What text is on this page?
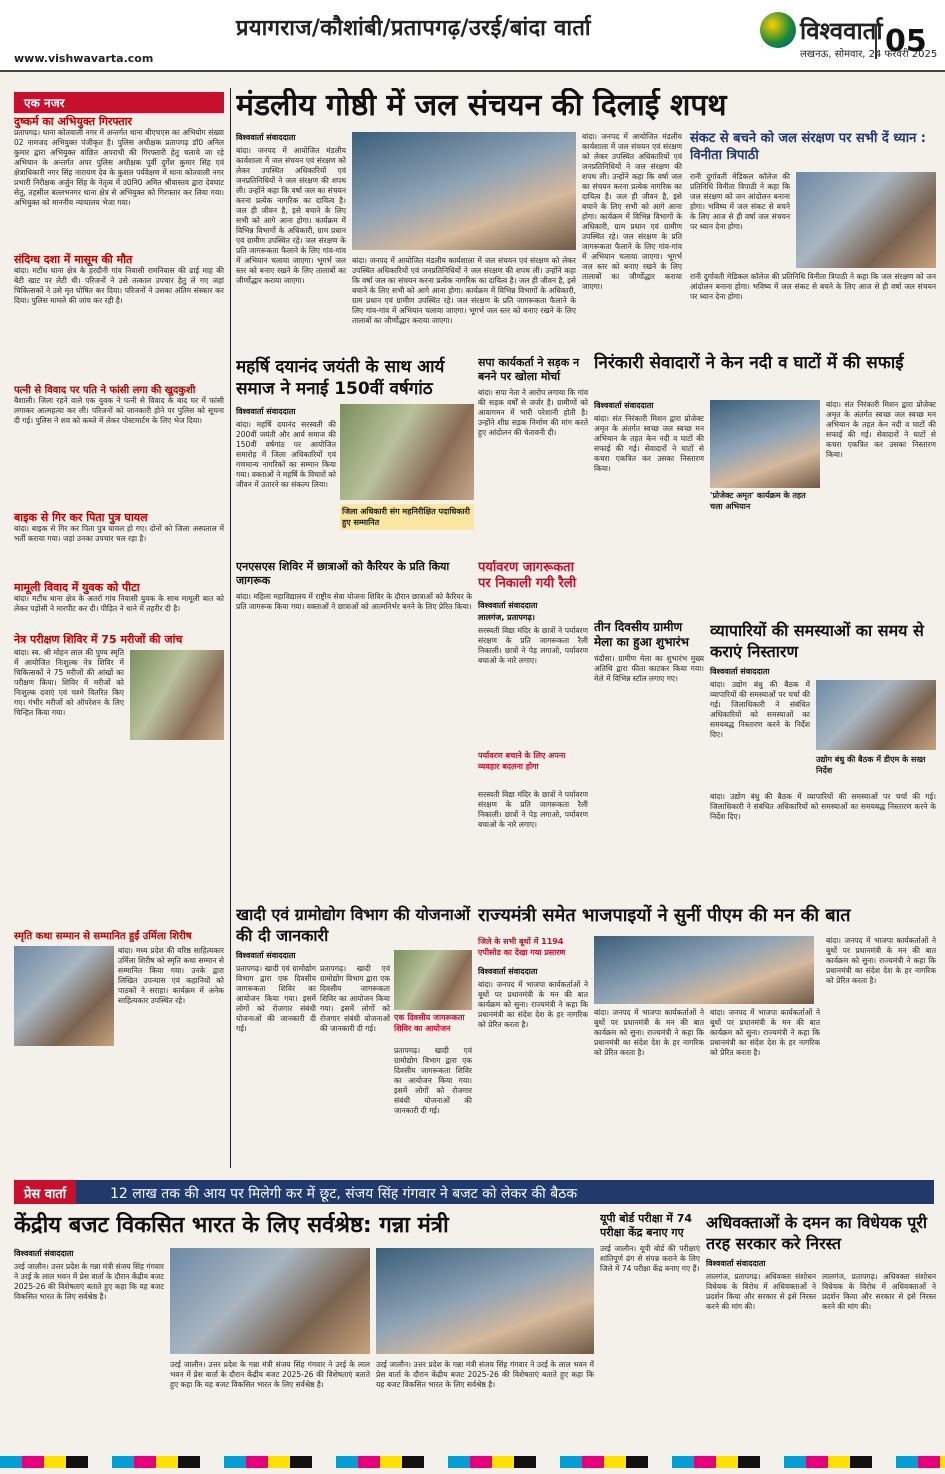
प्रयागराज/कौशांबी/प्रतापगढ़/उरई/बांदा वार्ता	विश्ववार्ता
लखनऊ, सोमवार, 24 फरवरी 2025
05
www.vishwavarta.com
एक नजर
दुष्कर्म का अभियुक्त गिरफ्तार
प्रतापगढ़। थाना कोतवाली नगर में अन्तर्गत थाना बीएचएस का अभियोग संख्या 02 नामजद अभियुक्त पंजीकृत है। पुलिस अधीक्षक प्रतापगढ़ डॉ0 अनिल कुमार द्वारा अभियुक्त वांछित अपराधी की गिरफ्तारी हेतु चलाये जा रहे अभियान के अन्तर्गत अपर पुलिस अधीक्षक पूर्वी दुर्गेश कुमार सिंह एवं क्षेत्राधिकारी नगर सिंह नारायण देव के कुशल पर्यवेक्षण में थाना कोतवाली नगर प्रभारी निरीक्षक अर्जुन सिंह के नेतृत्व में उ0नि0 अमित श्रीवास्तव द्वारा देवघाट सेतु, तहसील बल्लभनगर थाना क्षेत्र से अभियुक्त को गिरफ्तार कर लिया गया। अभियुक्त को माननीय न्यायालय भेजा गया।
संदिग्ध दशा में मासूम की मौत
बांदा। मटौंध थाना क्षेत्र के हरदौनी गांव निवासी रामनिवास की ढाई माह की बेटी खाट पर लेटी थी। परिजनों ने उसे तत्काल उपचार हेतु ले गए जहां चिकित्सकों ने उसे मृत घोषित कर दिया। परिजनों ने उसका अंतिम संस्कार कर दिया। पुलिस मामले की जांच कर रही है।
पत्नी से विवाद पर पति ने फांसी लगा की खुदकुशी
बैशाली। जिला रहने वाले एक युवक ने पत्नी से विवाद के बाद घर में फांसी लगाकर आत्महत्या कर ली। परिजनों को जानकारी होने पर पुलिस को सूचना दी गई। पुलिस ने शव को कब्जे में लेकर पोस्टमार्टम के लिए भेज दिया।
बाइक से गिर कर पिता पुत्र घायल
बांदा। बाइक से गिर कर पिता पुत्र घायल हो गए। दोनों को जिला अस्पताल में भर्ती कराया गया। जहां उनका उपचार चल रहा है।
मामूली विवाद में युवक को पीटा
बांदा। मटौंध थाना क्षेत्र के अतर्रा गांव निवासी युवक के साथ मामूली बात को लेकर पड़ोसी ने मारपीट कर दी। पीड़ित ने थाने में तहरीर दी है।
नेत्र परीक्षण शिविर में 75 मरीजों की जांच
बांदा। स्व. श्री मोहन लाल की पुण्य स्मृति में आयोजित निःशुल्क नेत्र शिविर में चिकित्सकों ने 75 मरीजों की आंखों का परीक्षण किया। शिविर में मरीजों को निःशुल्क दवाएं एवं चश्मे वितरित किए गए। गंभीर मरीजों को ऑपरेशन के लिए चिन्हित किया गया।
स्मृति कथा सम्मान से सम्मानित हुईं उर्मिला शिरीष
बांदा। मध्य प्रदेश की वरिष्ठ साहित्यकार उर्मिला शिरीष को स्मृति कथा सम्मान से सम्मानित किया गया। उनके द्वारा लिखित उपन्यास एवं कहानियों को पाठकों ने सराहा। कार्यक्रम में अनेक साहित्यकार उपस्थित रहे।
मंडलीय गोष्ठी में जल संचयन की दिलाई शपथ
विश्ववार्ता संवाददाता
बांदा। जनपद में आयोजित मंडलीय कार्यशाला में जल संचयन एवं संरक्षण को लेकर उपस्थित अधिकारियों एवं जनप्रतिनिधियों ने जल संरक्षण की शपथ ली। उन्होंने कहा कि वर्षा जल का संचयन करना प्रत्येक नागरिक का दायित्व है। जल ही जीवन है, इसे बचाने के लिए सभी को आगे आना होगा। कार्यक्रम में विभिन्न विभागों के अधिकारी, ग्राम प्रधान एवं ग्रामीण उपस्थित रहे। जल संरक्षण के प्रति जागरूकता फैलाने के लिए गांव-गांव में अभियान चलाया जाएगा। भूगर्भ जल स्तर को बनाए रखने के लिए तालाबों का जीर्णोद्धार कराया जाएगा।
बांदा। जनपद में आयोजित मंडलीय कार्यशाला में जल संचयन एवं संरक्षण को लेकर उपस्थित अधिकारियों एवं जनप्रतिनिधियों ने जल संरक्षण की शपथ ली। उन्होंने कहा कि वर्षा जल का संचयन करना प्रत्येक नागरिक का दायित्व है। जल ही जीवन है, इसे बचाने के लिए सभी को आगे आना होगा। कार्यक्रम में विभिन्न विभागों के अधिकारी, ग्राम प्रधान एवं ग्रामीण उपस्थित रहे। जल संरक्षण के प्रति जागरूकता फैलाने के लिए गांव-गांव में अभियान चलाया जाएगा। भूगर्भ जल स्तर को बनाए रखने के लिए तालाबों का जीर्णोद्धार कराया जाएगा।
बांदा। जनपद में आयोजित मंडलीय कार्यशाला में जल संचयन एवं संरक्षण को लेकर उपस्थित अधिकारियों एवं जनप्रतिनिधियों ने जल संरक्षण की शपथ ली। उन्होंने कहा कि वर्षा जल का संचयन करना प्रत्येक नागरिक का दायित्व है। जल ही जीवन है, इसे बचाने के लिए सभी को आगे आना होगा। कार्यक्रम में विभिन्न विभागों के अधिकारी, ग्राम प्रधान एवं ग्रामीण उपस्थित रहे। जल संरक्षण के प्रति जागरूकता फैलाने के लिए गांव-गांव में अभियान चलाया जाएगा। भूगर्भ जल स्तर को बनाए रखने के लिए तालाबों का जीर्णोद्धार कराया जाएगा।
संकट से बचने को जल संरक्षण पर सभी दें ध्यान : विनीता त्रिपाठी
रानी दुर्गावती मेडिकल कॉलेज की प्रतिनिधि विनीता त्रिपाठी ने कहा कि जल संरक्षण को जन आंदोलन बनाना होगा। भविष्य में जल संकट से बचने के लिए आज से ही वर्षा जल संचयन पर ध्यान देना होगा।
रानी दुर्गावती मेडिकल कॉलेज की प्रतिनिधि विनीता त्रिपाठी ने कहा कि जल संरक्षण को जन आंदोलन बनाना होगा। भविष्य में जल संकट से बचने के लिए आज से ही वर्षा जल संचयन पर ध्यान देना होगा।
महर्षि दयानंद जयंती के साथ आर्य समाज ने मनाई 150वीं वर्षगांठ
विश्ववार्ता संवाददाता
बांदा। महर्षि दयानंद सरस्वती की 200वीं जयंती और आर्य समाज की 150वीं वर्षगांठ पर आयोजित समारोह में जिला अधिकारियों एवं गणमान्य नागरिकों का सम्मान किया गया। वक्ताओं ने महर्षि के विचारों को जीवन में उतारने का संकल्प लिया।
जिला अधिकारी संग महनिरीक्षित पदाधिकारी हुए सम्मानित
सपा कार्यकर्ता ने सड़क न बनने पर खोला मोर्चा
बांदा। सपा नेता ने आरोप लगाया कि गांव की सड़क वर्षों से जर्जर है। ग्रामीणों को आवागमन में भारी परेशानी होती है। उन्होंने शीघ्र सड़क निर्माण की मांग करते हुए आंदोलन की चेतावनी दी।
निरंकारी सेवादारों ने केन नदी व घाटों में की सफाई
विश्ववार्ता संवाददाता
बांदा। संत निरंकारी मिशन द्वारा प्रोजेक्ट अमृत के अंतर्गत स्वच्छ जल स्वच्छ मन अभियान के तहत केन नदी व घाटों की सफाई की गई। सेवादारों ने घाटों से कचरा एकत्रित कर उसका निस्तारण किया।
'प्रोजेक्ट अमृत' कार्यक्रम के तहत चला अभियान
बांदा। संत निरंकारी मिशन द्वारा प्रोजेक्ट अमृत के अंतर्गत स्वच्छ जल स्वच्छ मन अभियान के तहत केन नदी व घाटों की सफाई की गई। सेवादारों ने घाटों से कचरा एकत्रित कर उसका निस्तारण किया।
एनएसएस शिविर में छात्राओं को कैरियर के प्रति किया जागरूक
बांदा। महिला महाविद्यालय में राष्ट्रीय सेवा योजना शिविर के दौरान छात्राओं को कैरियर के प्रति जागरूक किया गया। वक्ताओं ने छात्राओं को आत्मनिर्भर बनने के लिए प्रेरित किया।
पर्यावरण जागरूकता पर निकाली गयी रैली
विश्ववार्ता संवाददाता
लालगंज, प्रतापगढ़।
सरस्वती विद्या मंदिर के छात्रों ने पर्यावरण संरक्षण के प्रति जागरूकता रैली निकाली। छात्रों ने पेड़ लगाओ, पर्यावरण बचाओ के नारे लगाए।
पर्यावरण बचाने के लिए अपना व्यवहार बदलना होगा
सरस्वती विद्या मंदिर के छात्रों ने पर्यावरण संरक्षण के प्रति जागरूकता रैली निकाली। छात्रों ने पेड़ लगाओ, पर्यावरण बचाओ के नारे लगाए।
तीन दिवसीय ग्रामीण मेला का हुआ शुभारंभ
चंदौसा। ग्रामीण मेला का शुभारंभ मुख्य अतिथि द्वारा फीता काटकर किया गया। मेले में विभिन्न स्टॉल लगाए गए।
व्यापारियों की समस्याओं का समय से कराएं निस्तारण
विश्ववार्ता संवाददाता
बांदा। उद्योग बंधु की बैठक में व्यापारियों की समस्याओं पर चर्चा की गई। जिलाधिकारी ने संबंधित अधिकारियों को समस्याओं का समयबद्ध निस्तारण करने के निर्देश दिए।
उद्योग बंधु की बैठक में डीएम के सख्त निर्देश
बांदा। उद्योग बंधु की बैठक में व्यापारियों की समस्याओं पर चर्चा की गई। जिलाधिकारी ने संबंधित अधिकारियों को समस्याओं का समयबद्ध निस्तारण करने के निर्देश दिए।
खादी एवं ग्रामोद्योग विभाग की योजनाओं की दी जानकारी
विश्ववार्ता संवाददाता
प्रतापगढ़। खादी एवं ग्रामोद्योग विभाग द्वारा एक दिवसीय जागरूकता शिविर का आयोजन किया गया। इसमें लोगों को रोजगार संबंधी योजनाओं की जानकारी दी गई।
प्रतापगढ़। खादी एवं ग्रामोद्योग विभाग द्वारा एक दिवसीय जागरूकता शिविर का आयोजन किया गया। इसमें लोगों को रोजगार संबंधी योजनाओं की जानकारी दी गई।
एक दिवसीय जागरूकता शिविर का आयोजन
प्रतापगढ़। खादी एवं ग्रामोद्योग विभाग द्वारा एक दिवसीय जागरूकता शिविर का आयोजन किया गया। इसमें लोगों को रोजगार संबंधी योजनाओं की जानकारी दी गई।
राज्यमंत्री समेत भाजपाइयों ने सुनीं पीएम की मन की बात
जिले के सभी बूथों में 1194 एपीसोड का देखा गया प्रसारण
विश्ववार्ता संवाददाता
बांदा। जनपद में भाजपा कार्यकर्ताओं ने बूथों पर प्रधानमंत्री के मन की बात कार्यक्रम को सुना। राज्यमंत्री ने कहा कि प्रधानमंत्री का संदेश देश के हर नागरिक को प्रेरित करता है।
बांदा। जनपद में भाजपा कार्यकर्ताओं ने बूथों पर प्रधानमंत्री के मन की बात कार्यक्रम को सुना। राज्यमंत्री ने कहा कि प्रधानमंत्री का संदेश देश के हर नागरिक को प्रेरित करता है।
बांदा। जनपद में भाजपा कार्यकर्ताओं ने बूथों पर प्रधानमंत्री के मन की बात कार्यक्रम को सुना। राज्यमंत्री ने कहा कि प्रधानमंत्री का संदेश देश के हर नागरिक को प्रेरित करता है।
बांदा। जनपद में भाजपा कार्यकर्ताओं ने बूथों पर प्रधानमंत्री के मन की बात कार्यक्रम को सुना। राज्यमंत्री ने कहा कि प्रधानमंत्री का संदेश देश के हर नागरिक को प्रेरित करता है।
प्रेस वार्ता	12 लाख तक की आय पर मिलेगी कर में छूट, संजय सिंह गंगवार ने बजट को लेकर की बैठक
केंद्रीय बजट विकसित भारत के लिए सर्वश्रेष्ठ: गन्ना मंत्री
विश्ववार्ता संवाददाता
उरई जालौन। उत्तर प्रदेश के गन्ना मंत्री संजय सिंह गंगवार ने उरई के लाल भवन में प्रेस वार्ता के दौरान केंद्रीय बजट 2025-26 की विशेषताएं बताते हुए कहा कि यह बजट विकसित भारत के लिए सर्वश्रेष्ठ है।
उरई जालौन। उत्तर प्रदेश के गन्ना मंत्री संजय सिंह गंगवार ने उरई के लाल भवन में प्रेस वार्ता के दौरान केंद्रीय बजट 2025-26 की विशेषताएं बताते हुए कहा कि यह बजट विकसित भारत के लिए सर्वश्रेष्ठ है।
उरई जालौन। उत्तर प्रदेश के गन्ना मंत्री संजय सिंह गंगवार ने उरई के लाल भवन में प्रेस वार्ता के दौरान केंद्रीय बजट 2025-26 की विशेषताएं बताते हुए कहा कि यह बजट विकसित भारत के लिए सर्वश्रेष्ठ है।
यूपी बोर्ड परीक्षा में 74 परीक्षा केंद्र बनाए गए
उरई जालौन। यूपी बोर्ड की परीक्षाएं शांतिपूर्ण ढंग से संपन्न कराने के लिए जिले में 74 परीक्षा केंद्र बनाए गए हैं।
अधिवक्ताओं के दमन का विधेयक पूरी तरह सरकार करे निरस्त
विश्ववार्ता संवाददाता
लालगंज, प्रतापगढ़। अधिवक्ता संशोधन विधेयक के विरोध में अधिवक्ताओं ने प्रदर्शन किया और सरकार से इसे निरस्त करने की मांग की।
लालगंज, प्रतापगढ़। अधिवक्ता संशोधन विधेयक के विरोध में अधिवक्ताओं ने प्रदर्शन किया और सरकार से इसे निरस्त करने की मांग की।
